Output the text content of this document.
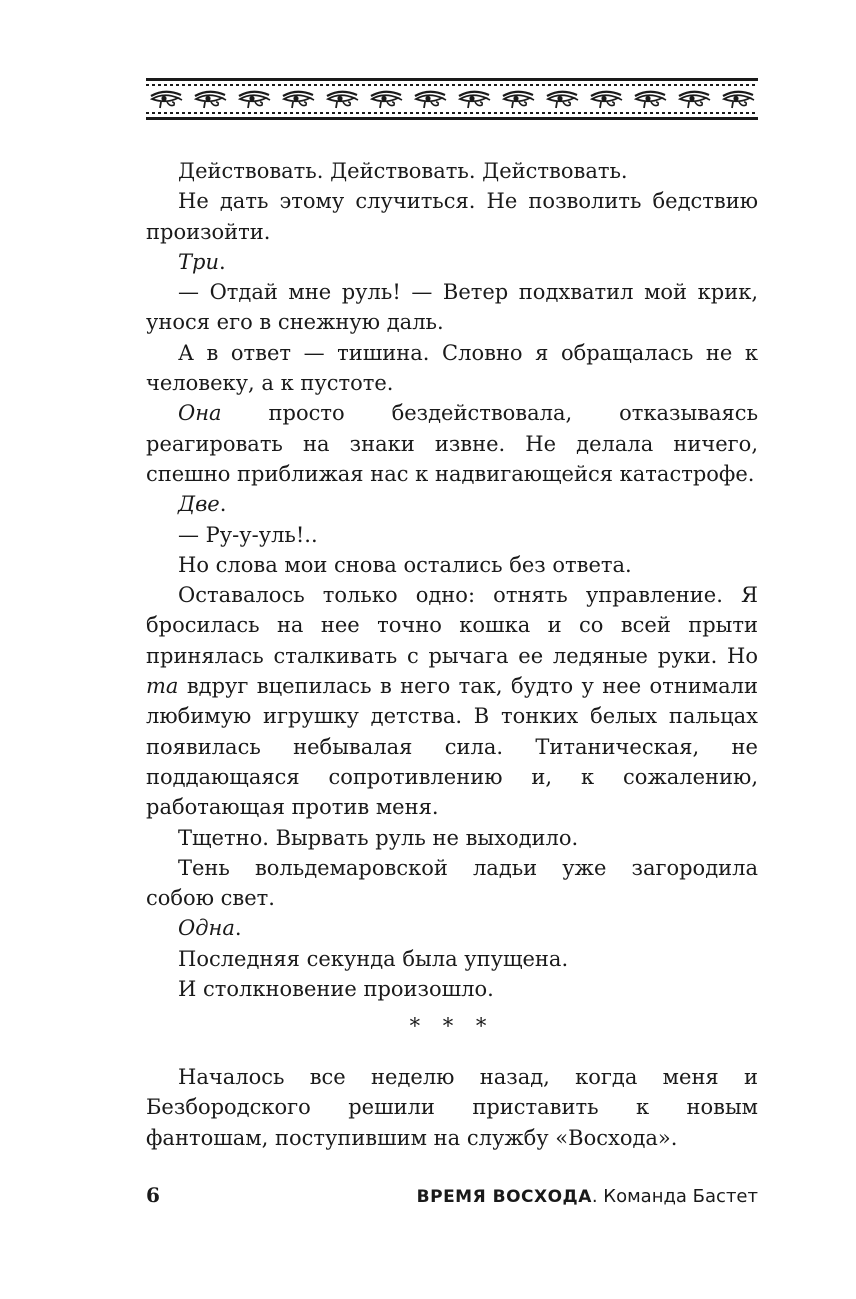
Действовать. Действовать. Действовать.

Не дать этому случиться. Не позволить бедствию произойти.

Три.

— Отдай мне руль! — Ветер подхватил мой крик, унося его в снежную даль.

А в ответ — тишина. Словно я обращалась не к человеку, а к пустоте.

Она просто бездействовала, отказываясь реагировать на знаки извне. Не делала ничего, спешно приближая нас к надвигающейся катастрофе.

Две.

— Ру-у-уль!..

Но слова мои снова остались без ответа.

Оставалось только одно: отнять управление. Я бросилась на нее точно кошка и со всей прыти принялась сталкивать с рычага ее ледяные руки. Но та вдруг вцепилась в него так, будто у нее отнимали любимую игрушку детства. В тонких белых пальцах появилась небывалая сила. Титаническая, не поддающаяся сопротивлению и, к сожалению, работающая против меня.

Тщетно. Вырвать руль не выходило.

Тень вольдемаровской ладьи уже загородила собою свет.

Одна.

Последняя секунда была упущена.

И столкновение произошло.

* * *

Началось все неделю назад, когда меня и Безбородского решили приставить к новым фантошам, поступившим на службу «Восхода».

6	ВРЕМЯ ВОСХОДА. Команда Бастет
